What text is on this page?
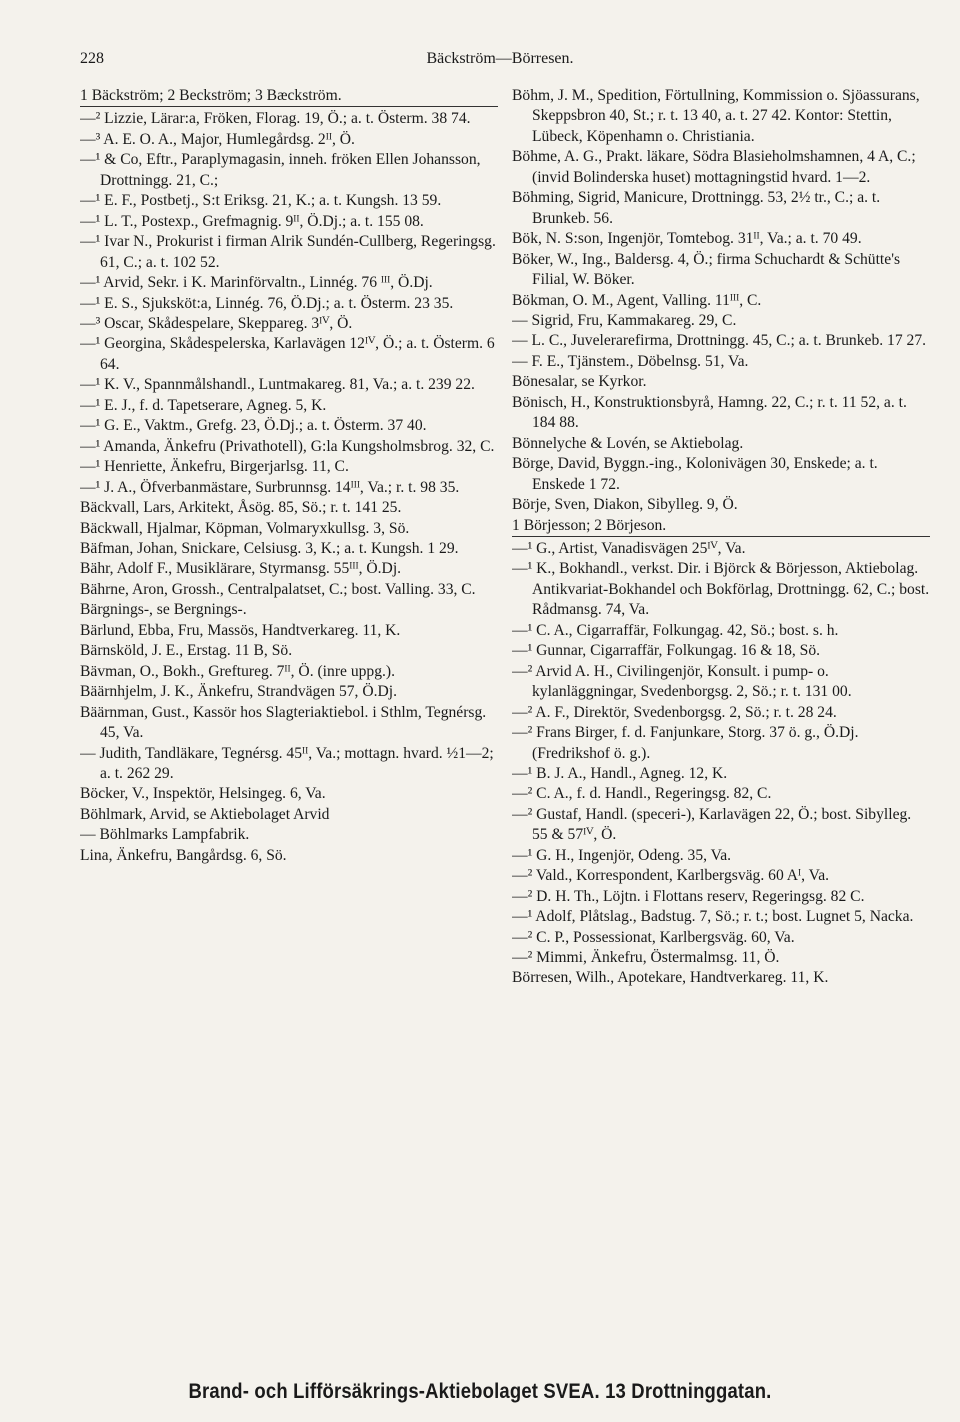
228	Bäckström—Börresen.

1 Bäckström; 2 Beckström; 3 Bæckström.

—² Lizzie, Lärar:a, Fröken, Florag. 19, Ö.; a. t. Österm. 38 74.

—³ A. E. O. A., Major, Humlegårdsg. 2ᴵᴵ, Ö.

—¹ & Co, Eftr., Paraplymagasin, inneh. fröken Ellen Johansson, Drottningg. 21, C.;

—¹ E. F., Postbetj., S:t Eriksg. 21, K.; a. t. Kungsh. 13 59.

—¹ L. T., Postexp., Grefmagnig. 9ᴵᴵ, Ö.Dj.; a. t. 155 08.

—¹ Ivar N., Prokurist i firman Alrik Sundén-Cullberg, Regeringsg. 61, C.; a. t. 102 52.

—¹ Arvid, Sekr. i K. Marinförvaltn., Linnég. 76 ᴵᴵᴵ, Ö.Dj.

—¹ E. S., Sjuksköt:a, Linnég. 76, Ö.Dj.; a. t. Österm. 23 35.

—³ Oscar, Skådespelare, Skeppareg. 3ᴵⱽ, Ö.

—¹ Georgina, Skådespelerska, Karlavägen 12ᴵⱽ, Ö.; a. t. Österm. 6 64.

—¹ K. V., Spannmålshandl., Luntmakareg. 81, Va.; a. t. 239 22.

—¹ E. J., f. d. Tapetserare, Agneg. 5, K.

—¹ G. E., Vaktm., Grefg. 23, Ö.Dj.; a. t. Österm. 37 40.

—¹ Amanda, Änkefru (Privathotell), G:la Kungsholmsbrog. 32, C.

—¹ Henriette, Änkefru, Birgerjarlsg. 11, C.

—¹ J. A., Öfverbanmästare, Surbrunnsg. 14ᴵᴵᴵ, Va.; r. t. 98 35.

Bäckvall, Lars, Arkitekt, Åsög. 85, Sö.; r. t. 141 25.

Bäckwall, Hjalmar, Köpman, Volmaryxkullsg. 3, Sö.

Bäfman, Johan, Snickare, Celsiusg. 3, K.; a. t. Kungsh. 1 29.

Bähr, Adolf F., Musiklärare, Styrmansg. 55ᴵᴵᴵ, Ö.Dj.

Bährne, Aron, Grossh., Centralpalatset, C.; bost. Valling. 33, C.

Bärgnings-, se Bergnings-.

Bärlund, Ebba, Fru, Massös, Handtverkareg. 11, K.

Bärnsköld, J. E., Erstag. 11 B, Sö.

Bävman, O., Bokh., Greftureg. 7ᴵᴵ, Ö. (inre uppg.).

Bäärnhjelm, J. K., Änkefru, Strandvägen 57, Ö.Dj.

Bäärnman, Gust., Kassör hos Slagteriaktiebol. i Sthlm, Tegnérsg. 45, Va.

— Judith, Tandläkare, Tegnérsg. 45ᴵᴵ, Va.; mottagn. hvard. ½1—2; a. t. 262 29.

Böcker, V., Inspektör, Helsingeg. 6, Va.

Böhlmark, Arvid, se Aktiebolaget Arvid

— Böhlmarks Lampfabrik.

Lina, Änkefru, Bangårdsg. 6, Sö.

Böhm, J. M., Spedition, Förtullning, Kommission o. Sjöassurans, Skeppsbron 40, St.; r. t. 13 40, a. t. 27 42. Kontor: Stettin, Lübeck, Köpenhamn o. Christiania.

Böhme, A. G., Prakt. läkare, Södra Blasieholmshamnen, 4 A, C.; (invid Bolinderska huset) mottagningstid hvard. 1—2.

Böhming, Sigrid, Manicure, Drottningg. 53, 2½ tr., C.; a. t. Brunkeb. 56.

Bök, N. S:son, Ingenjör, Tomtebog. 31ᴵᴵ, Va.; a. t. 70 49.

Böker, W., Ing., Baldersg. 4, Ö.; firma Schuchardt & Schütte's Filial, W. Böker.

Bökman, O. M., Agent, Valling. 11ᴵᴵᴵ, C.

— Sigrid, Fru, Kammakareg. 29, C.

— L. C., Juvelerarefirma, Drottningg. 45, C.; a. t. Brunkeb. 17 27.

— F. E., Tjänstem., Döbelnsg. 51, Va.

Bönesalar, se Kyrkor.

Bönisch, H., Konstruktionsbyrå, Hamng. 22, C.; r. t. 11 52, a. t. 184 88.

Bönnelyche & Lovén, se Aktiebolag.

Börge, David, Byggn.-ing., Kolonivägen 30, Enskede; a. t. Enskede 1 72.

Börje, Sven, Diakon, Sibylleg. 9, Ö.

1 Börjesson; 2 Börjeson.

—¹ G., Artist, Vanadisvägen 25ᴵⱽ, Va.

—¹ K., Bokhandl., verkst. Dir. i Björck & Börjesson, Aktiebolag. Antikvariat-Bokhandel och Bokförlag, Drottningg. 62, C.; bost. Rådmansg. 74, Va.

—¹ C. A., Cigarraffär, Folkungag. 42, Sö.; bost. s. h.

—¹ Gunnar, Cigarraffär, Folkungag. 16 & 18, Sö.

—² Arvid A. H., Civilingenjör, Konsult. i pump- o. kylanläggningar, Svedenborgsg. 2, Sö.; r. t. 131 00.

—² A. F., Direktör, Svedenborgsg. 2, Sö.; r. t. 28 24.

—² Frans Birger, f. d. Fanjunkare, Storg. 37 ö. g., Ö.Dj. (Fredrikshof ö. g.).

—¹ B. J. A., Handl., Agneg. 12, K.

—² C. A., f. d. Handl., Regeringsg. 82, C.

—² Gustaf, Handl. (speceri-), Karlavägen 22, Ö.; bost. Sibylleg. 55 & 57ᴵⱽ, Ö.

—¹ G. H., Ingenjör, Odeng. 35, Va.

—² Vald., Korrespondent, Karlbergsväg. 60 Aᴵ, Va.

—² D. H. Th., Löjtn. i Flottans reserv, Regeringsg. 82 C.

—¹ Adolf, Plåtslag., Badstug. 7, Sö.; r. t.; bost. Lugnet 5, Nacka.

—² C. P., Possessionat, Karlbergsväg. 60, Va.

—² Mimmi, Änkefru, Östermalmsg. 11, Ö.

Börresen, Wilh., Apotekare, Handtverkareg. 11, K.

Brand- och Lifförsäkrings-Aktiebolaget SVEA. 13 Drottninggatan.
